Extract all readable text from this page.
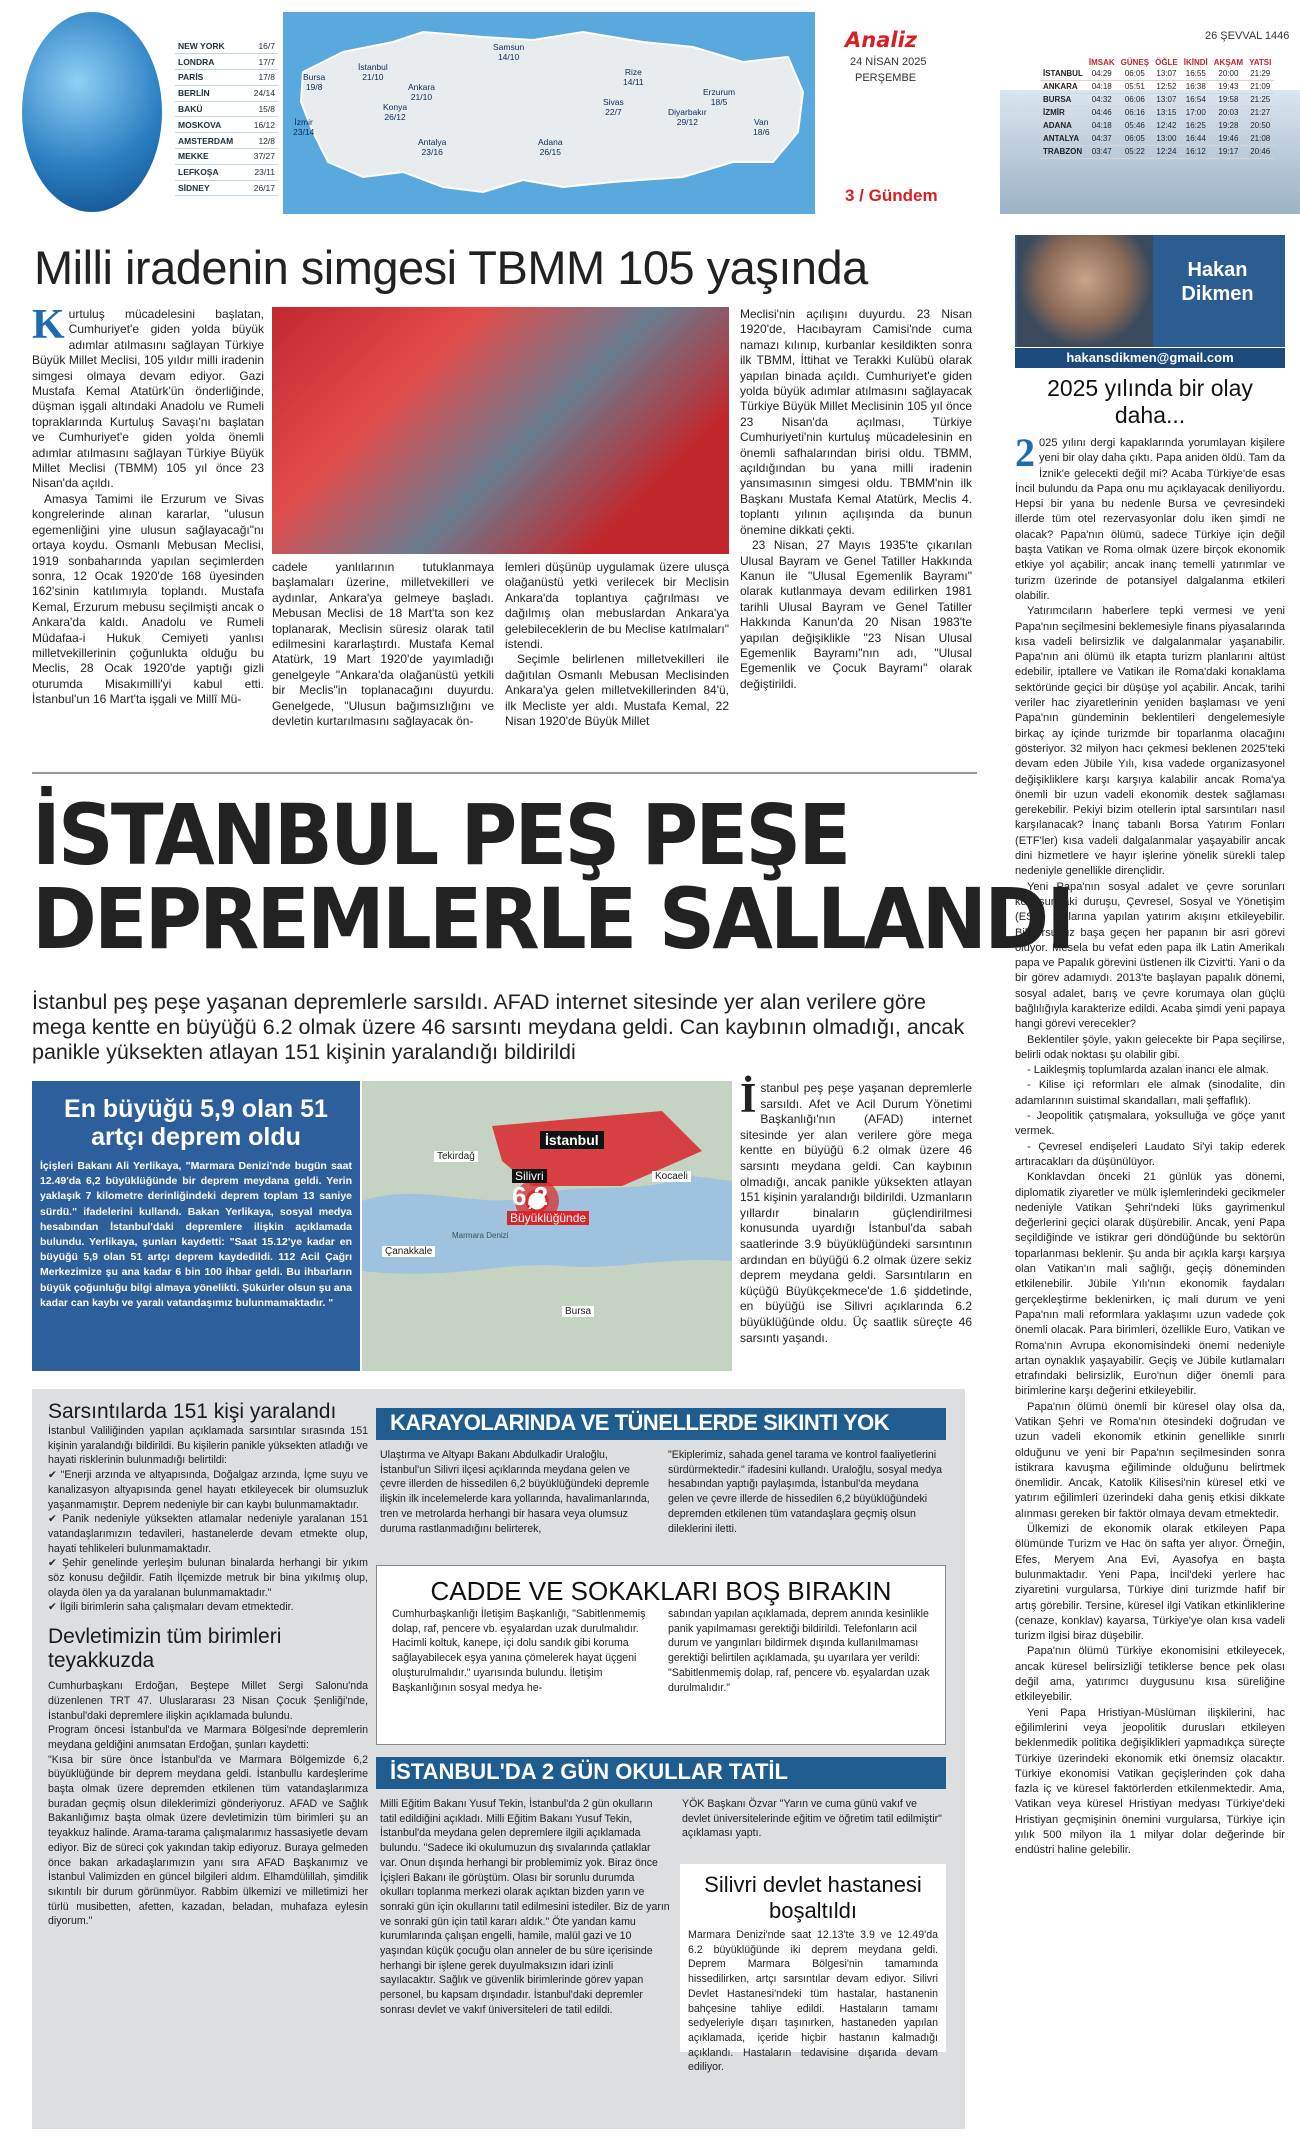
NEW YORK	16/7
LONDRA	17/7
PARİS	17/8
BERLİN	24/14
BAKÜ	15/8
MOSKOVA	16/12
AMSTERDAM	12/8
MEKKE	37/27
LEFKOŞA	23/11
SİDNEY	26/17
Samsun
14/10
İstanbul
21/10
Bursa
19/8	Ankara
21/10
Rize
14/11
Erzurum
18/5
Konya
26/12
Sivas
22/7	Diyarbakır
29/12
İzmir
23/14
Antalya
23/16
Adana
26/15
Van
18/6
Analiz
24 NİSAN 2025
PERŞEMBE
3 / Gündem
26 ŞEVVAL 1446
	İMSAK	GÜNEŞ	ÖĞLE	İKİNDİ	AKŞAM	YATSI
İSTANBUL	04:29	06:05	13:07	16:55	20:00	21:29
ANKARA	04:18	05:51	12:52	16:38	19:43	21:09
BURSA	04:32	06:06	13:07	16:54	19:58	21:25
İZMİR	04:46	06:16	13:15	17:00	20:03	21:27
ADANA	04:18	05:46	12:42	16:25	19:28	20:50
ANTALYA	04:37	06:05	13:00	16:44	19:46	21:08
TRABZON	03:47	05:22	12:24	16:12	19:17	20:46
Milli iradenin simgesi TBMM 105 yaşında

Kurtuluş mücadelesini başlatan, Cumhuriyet'e giden yolda büyük adımlar atılmasını sağlayan Türkiye Büyük Millet Meclisi, 105 yıldır milli iradenin simgesi olmaya devam ediyor. Gazi Mustafa Kemal Atatürk'ün önderliğinde, düşman işgali altındaki Anadolu ve Rumeli topraklarında Kurtuluş Savaşı'nı başlatan ve Cumhuriyet'e giden yolda önemli adımlar atılmasını sağlayan Türkiye Büyük Millet Meclisi (TBMM) 105 yıl önce 23 Nisan'da açıldı.

Amasya Tamimi ile Erzurum ve Sivas kongrelerinde alınan kararlar, "ulusun egemenliğini yine ulusun sağlayacağı"nı ortaya koydu. Osmanlı Mebusan Meclisi, 1919 sonbaharında yapılan seçimlerden sonra, 12 Ocak 1920'de 168 üyesinden 162'sinin katılımıyla toplandı. Mustafa Kemal, Erzurum mebusu seçilmişti ancak o Ankara'da kaldı. Anadolu ve Rumeli Müdafaa-i Hukuk Cemiyeti yanlısı milletvekillerinin çoğunlukta olduğu bu Meclis, 28 Ocak 1920'de yaptığı gizli oturumda Misakımilli'yi kabul etti. İstanbul'un 16 Mart'ta işgali ve Millî Mü-

cadele yanlılarının tutuklanmaya başlamaları üzerine, milletvekilleri ve aydınlar, Ankara'ya gelmeye başladı. Mebusan Meclisi de 18 Mart'ta son kez toplanarak, Meclisin süresiz olarak tatil edilmesini kararlaştırdı. Mustafa Kemal Atatürk, 19 Mart 1920'de yayımladığı genelgeyle "Ankara'da olağanüstü yetkili bir Meclis"in toplanacağını duyurdu. Genelgede, "Ulusun bağımsızlığını ve devletin kurtarılmasını sağlayacak ön-

lemleri düşünüp uygulamak üzere ulusça olağanüstü yetki verilecek bir Meclisin Ankara'da toplantıya çağrılması ve dağılmış olan mebuslardan Ankara'ya gelebileceklerin de bu Meclise katılmaları" istendi.

Seçimle belirlenen milletvekilleri ile dağıtılan Osmanlı Mebusan Meclisinden Ankara'ya gelen milletvekillerinden 84'ü, ilk Mecliste yer aldı. Mustafa Kemal, 22 Nisan 1920'de Büyük Millet

Meclisi'nin açılışını duyurdu. 23 Nisan 1920'de, Hacıbayram Camisi'nde cuma namazı kılınıp, kurbanlar kesildikten sonra ilk TBMM, İttihat ve Terakki Kulübü olarak yapılan binada açıldı. Cumhuriyet'e giden yolda büyük adımlar atılmasını sağlayacak Türkiye Büyük Millet Meclisinin 105 yıl önce 23 Nisan'da açılması, Türkiye Cumhuriyeti'nin kurtuluş mücadelesinin en önemli safhalarından birisi oldu. TBMM, açıldığından bu yana milli iradenin yansımasının simgesi oldu. TBMM'nin ilk Başkanı Mustafa Kemal Atatürk, Meclis 4. toplantı yılının açılışında da bunun önemine dikkati çekti.

23 Nisan, 27 Mayıs 1935'te çıkarılan Ulusal Bayram ve Genel Tatiller Hakkında Kanun ile "Ulusal Egemenlik Bayramı" olarak kutlanmaya devam edilirken 1981 tarihli Ulusal Bayram ve Genel Tatiller Hakkında Kanun'da 20 Nisan 1983'te yapılan değişiklikle "23 Nisan Ulusal Egemenlik Bayramı"nın adı, "Ulusal Egemenlik ve Çocuk Bayramı" olarak değiştirildi.

İSTANBUL PEŞ PEŞE
DEPREMLERLE SALLANDI
İstanbul peş peşe yaşanan depremlerle sarsıldı. AFAD internet sitesinde yer alan verilere göre mega kentte en büyüğü 6.2 olmak üzere 46 sarsıntı meydana geldi. Can kaybının olmadığı, ancak panikle yüksekten atlayan 151 kişinin yaralandığı bildirildi
En büyüğü 5,9 olan 51 artçı deprem oldu

İçişleri Bakanı Ali Yerlikaya, "Marmara Denizi'nde bugün saat 12.49'da 6,2 büyüklüğünde bir deprem meydana geldi. Yerin yaklaşık 7 kilometre derinliğindeki deprem toplam 13 saniye sürdü." ifadelerini kullandı. Bakan Yerlikaya, sosyal medya hesabından İstanbul'daki depremlere ilişkin açıklamada bulundu. Yerlikaya, şunları kaydetti: "Saat 15.12'ye kadar en büyüğü 5,9 olan 51 artçı deprem kaydedildi. 112 Acil Çağrı Merkezimize şu ana kadar 6 bin 100 ihbar geldi. Bu ihbarların büyük çoğunluğu bilgi almaya yönelikti. Şükürler olsun şu ana kadar can kaybı ve yaralı vatandaşımız bulunmamaktadır. "

İstanbul
Tekirdağ
Silivri
6,2
Büyüklüğünde
Kocaeli
Çanakkale
Bursa
Marmara Denizi

İstanbul peş peşe yaşanan depremlerle sarsıldı. Afet ve Acil Durum Yönetimi Başkanlığı'nın (AFAD) internet sitesinde yer alan verilere göre mega kentte en büyüğü 6.2 olmak üzere 46 sarsıntı meydana geldi. Can kaybının olmadığı, ancak panikle yüksekten atlayan 151 kişinin yaralandığı bildirildi. Uzmanların yıllardır binaların güçlendirilmesi konusunda uyardığı İstanbul'da sabah saatlerinde 3.9 büyüklüğündeki sarsıntının ardından en büyüğü 6.2 olmak üzere sekiz deprem meydana geldi. Sarsıntıların en küçüğü Büyükçekmece'de 1.6 şiddetinde, en büyüğü ise Silivri açıklarında 6.2 büyüklüğünde oldu. Üç saatlik süreçte 46 sarsıntı yaşandı.

Sarsıntılarda 151 kişi yaralandı

İstanbul Valiliğinden yapılan açıklamada sarsıntılar sırasında 151 kişinin yaralandığı bildirildi. Bu kişilerin panikle yüksekten atladığı ve hayati risklerinin bulunmadığı belirtildi:

✔ "Enerji arzında ve altyapısında, Doğalgaz arzında, İçme suyu ve kanalizasyon altyapısında genel hayatı etkileyecek bir olumsuzluk yaşanmamıştır. Deprem nedeniyle bir can kaybı bulunmamaktadır.

✔ Panik nedeniyle yüksekten atlamalar nedeniyle yaralanan 151 vatandaşlarımızın tedavileri, hastanelerde devam etmekte olup, hayati tehlikeleri bulunmamaktadır.

✔ Şehir genelinde yerleşim bulunan binalarda herhangi bir yıkım söz konusu değildir. Fatih İlçemizde metruk bir bina yıkılmış olup, olayda ölen ya da yaralanan bulunmamaktadır."

✔ İlgili birimlerin saha çalışmaları devam etmektedir.

Devletimizin tüm birimleri teyakkuzda

Cumhurbaşkanı Erdoğan, Beştepe Millet Sergi Salonu'nda düzenlenen TRT 47. Uluslararası 23 Nisan Çocuk Şenliği'nde, İstanbul'daki depremlere ilişkin açıklamada bulundu.

Program öncesi İstanbul'da ve Marmara Bölgesi'nde depremlerin meydana geldiğini anımsatan Erdoğan, şunları kaydetti:

"Kısa bir süre önce İstanbul'da ve Marmara Bölgemizde 6,2 büyüklüğünde bir deprem meydana geldi. İstanbullu kardeşlerime başta olmak üzere depremden etkilenen tüm vatandaşlarımıza buradan geçmiş olsun dileklerimizi gönderiyoruz. AFAD ve Sağlık Bakanlığımız başta olmak üzere devletimizin tüm birimleri şu an teyakkuz halinde. Arama-tarama çalışmalarımız hassasiyetle devam ediyor. Biz de süreci çok yakından takip ediyoruz. Buraya gelmeden önce bakan arkadaşlarımızın yanı sıra AFAD Başkanımız ve İstanbul Valimizden en güncel bilgileri aldım. Elhamdülillah, şimdilik sıkıntılı bir durum görünmüyor. Rabbim ülkemizi ve milletimizi her türlü musibetten, afetten, kazadan, beladan, muhafaza eylesin diyorum."

KARAYOLARINDA VE TÜNELLERDE SIKINTI YOK
Ulaştırma ve Altyapı Bakanı Abdulkadir Uraloğlu, İstanbul'un Silivri ilçesi açıklarında meydana gelen ve çevre illerden de hissedilen 6,2 büyüklüğündeki depremle ilişkin ilk incelemelerde kara yollarında, havalimanlarında, tren ve metrolarda herhangi bir hasara veya olumsuz duruma rastlanmadığını belirterek,
"Ekiplerimiz, sahada genel tarama ve kontrol faaliyetlerini sürdürmektedir." ifadesini kullandı. Uraloğlu, sosyal medya hesabından yaptığı paylaşımda, İstanbul'da meydana gelen ve çevre illerde de hissedilen 6,2 büyüklüğündeki depremden etkilenen tüm vatandaşlara geçmiş olsun dileklerini iletti.
CADDE VE SOKAKLARI BOŞ BIRAKIN
Cumhurbaşkanlığı İletişim Başkanlığı, "Sabitlenmemiş dolap, raf, pencere vb. eşyalardan uzak durulmalıdır. Hacimli koltuk, kanepe, içi dolu sandık gibi koruma sağlayabilecek eşya yanına çömelerek hayat üçgeni oluşturulmalıdır." uyarısında bulundu. İletişim Başkanlığının sosyal medya he-
sabından yapılan açıklamada, deprem anında kesinlikle panik yapılmaması gerektiği bildirildi. Telefonların acil durum ve yangınları bildirmek dışında kullanılmaması gerektiği belirtilen açıklamada, şu uyarılara yer verildi: "Sabitlenmemiş dolap, raf, pencere vb. eşyalardan uzak durulmalıdır."
İSTANBUL'DA 2 GÜN OKULLAR TATİL
Milli Eğitim Bakanı Yusuf Tekin, İstanbul'da 2 gün okulların tatil edildiğini açıkladı. Milli Eğitim Bakanı Yusuf Tekin, İstanbul'da meydana gelen depremlere ilgili açıklamada bulundu. "Sadece iki okulumuzun dış sıvalarında çatlaklar var. Onun dışında herhangi bir problemimiz yok. Biraz önce İçişleri Bakanı ile görüştüm. Olası bir sorunlu durumda okulları toplanma merkezi olarak açıktan bizden yarın ve sonraki gün için okullarını tatil edilmesini istediler. Biz de yarın ve sonraki gün için tatil kararı aldık." Öte yandan kamu kurumlarında çalışan engelli, hamile, malül gazi ve 10 yaşından küçük çocuğu olan anneler de bu süre içerisinde herhangi bir işlene gerek duyulmaksızın idari izinli sayılacaktır. Sağlık ve güvenlik birimlerinde görev yapan personel, bu kapsam dışındadır. İstanbul'daki depremler sonrası devlet ve vakıf üniversiteleri de tatil edildi.
YÖK Başkanı Özvar "Yarın ve cuma günü vakıf ve devlet üniversitelerinde eğitim ve öğretim tatil edilmiştir" açıklaması yaptı.
Silivri devlet hastanesi boşaltıldı

Marmara Denizi'nde saat 12.13'te 3.9 ve 12.49'da 6.2 büyüklüğünde iki deprem meydana geldi. Deprem Marmara Bölgesi'nin tamamında hissedilirken, artçı sarsıntılar devam ediyor. Silivri Devlet Hastanesi'ndeki tüm hastalar, hastanenin bahçesine tahliye edildi. Hastaların tamamı sedyeleriyle dışarı taşınırken, hastaneden yapılan açıklamada, içeride hiçbir hastanın kalmadığı açıklandı. Hastaların tedavisine dışarıda devam ediliyor.

Hakan Dikmen
hakansdikmen@gmail.com
2025 yılında bir olay daha...

2 025 yılını dergi kapaklarında yorumlayan kişilere yeni bir olay daha çıktı. Papa aniden öldü. Tam da İznik'e gelecekti değil mi? Acaba Türkiye'de esas İncil bulundu da Papa onu mu açıklayacak deniliyordu. Hepsi bir yana bu nedenle Bursa ve çevresindeki illerde tüm otel rezervasyonlar dolu iken şimdi ne olacak? Papa'nın ölümü, sadece Türkiye için değil başta Vatikan ve Roma olmak üzere birçok ekonomik etkiye yol açabilir; ancak inanç temelli yatırımlar ve turizm üzerinde de potansiyel dalgalanma etkileri olabilir.

Yatırımcıların haberlere tepki vermesi ve yeni Papa'nın seçilmesini beklemesiyle finans piyasalarında kısa vadeli belirsizlik ve dalgalanmalar yaşanabilir. Papa'nın ani ölümü ilk etapta turizm planlarını altüst edebilir, iptallere ve Vatikan ile Roma'daki konaklama sektöründe geçici bir düşüşe yol açabilir. Ancak, tarihi veriler hac ziyaretlerinin yeniden başlaması ve yeni Papa'nın gündeminin beklentileri dengelemesiyle birkaç ay içinde turizmde bir toparlanma olacağını gösteriyor. 32 milyon hacı çekmesi beklenen 2025'teki devam eden Jübile Yılı, kısa vadede organizasyonel değişikliklere karşı karşıya kalabilir ancak Roma'ya önemli bir uzun vadeli ekonomik destek sağlaması gerekebilir. Pekiyi bizim otellerin iptal sarsıntıları nasıl karşılanacak? İnanç tabanlı Borsa Yatırım Fonları (ETF'ler) kısa vadeli dalgalanmalar yaşayabilir ancak dini hizmetlere ve hayır işlerine yönelik sürekli talep nedeniyle genellikle dirençlidir.

Yeni Papa'nın sosyal adalet ve çevre sorunları konusundaki duruşu, Çevresel, Sosyal ve Yönetişim (ESG) fonlarına yapılan yatırım akışını etkileyebilir. Biliyorsunuz başa geçen her papanın bir asri görevi oluyor. Mesela bu vefat eden papa ilk Latin Amerikalı papa ve Papalık görevini üstlenen ilk Cizvit'ti. Yani o da bir görev adamıydı. 2013'te başlayan papalık dönemi, sosyal adalet, barış ve çevre korumaya olan güçlü bağlılığıyla karakterize edildi. Acaba şimdi yeni papaya hangi görevi verecekler?

Beklentiler şöyle, yakın gelecekte bir Papa seçilirse, belirli odak noktası şu olabilir gibi.

- Laikleşmiş toplumlarda azalan inancı ele almak.

- Kilise içi reformları ele almak (sinodalite, din adamlarının suistimal skandalları, mali şeffaflık).

- Jeopolitik çatışmalara, yoksulluğa ve göçe yanıt vermek.

- Çevresel endişeleri Laudato Si'yi takip ederek artıracakları da düşünülüyor.

Konklavdan önceki 21 günlük yas dönemi, diplomatik ziyaretler ve mülk işlemlerindeki gecikmeler nedeniyle Vatikan Şehri'ndeki lüks gayrimenkul değerlerini geçici olarak düşürebilir. Ancak, yeni Papa seçildiğinde ve istikrar geri döndüğünde bu sektörün toparlanması beklenir. Şu anda bir açıkla karşı karşıya olan Vatikan'ın mali sağlığı, geçiş döneminden etkilenebilir. Jübile Yılı'nın ekonomik faydaları gerçekleştirme beklenirken, iç mali durum ve yeni Papa'nın mali reformlara yaklaşımı uzun vadede çok önemli olacak. Para birimleri, özellikle Euro, Vatikan ve Roma'nın Avrupa ekonomisindeki önemi nedeniyle artan oynaklık yaşayabilir. Geçiş ve Jübile kutlamaları etrafındaki belirsizlik, Euro'nun diğer önemli para birimlerine karşı değerini etkileyebilir.

Papa'nın ölümü önemli bir küresel olay olsa da, Vatikan Şehri ve Roma'nın ötesindeki doğrudan ve uzun vadeli ekonomik etkinin genellikle sınırlı olduğunu ve yeni bir Papa'nın seçilmesinden sonra istikrara kavuşma eğiliminde olduğunu belirtmek önemlidir. Ancak, Katolik Kilisesi'nin küresel etki ve yatırım eğilimleri üzerindeki daha geniş etkisi dikkate alınması gereken bir faktör olmaya devam etmektedir.

Ülkemizi de ekonomik olarak etkileyen Papa ölümünde Turizm ve Hac ön safta yer alıyor. Örneğin, Efes, Meryem Ana Evi, Ayasofya en başta bulunmaktadır. Yeni Papa, İncil'deki yerlere hac ziyaretini vurgularsa, Türkiye dini turizmde hafif bir artış görebilir. Tersine, küresel ilgi Vatikan etkinliklerine (cenaze, konklav) kayarsa, Türkiye'ye olan kısa vadeli turizm ilgisi biraz düşebilir.

Papa'nın ölümü Türkiye ekonomisini etkileyecek, ancak küresel belirsizliği tetiklerse bence pek olası değil ama, yatırımcı duygusunu kısa süreliğine etkileyebilir.

Yeni Papa Hristiyan-Müslüman ilişkilerini, hac eğilimlerini veya jeopolitik durusları etkileyen beklenmedik politika değişiklikleri yapmadıkça süreçte Türkiye üzerindeki ekonomik etki önemsiz olacaktır. Türkiye ekonomisi Vatikan geçişlerinden çok daha fazla iç ve küresel faktörlerden etkilenmektedir. Ama, Vatikan veya küresel Hristiyan medyası Türkiye'deki Hristiyan geçmişinin önemini vurgularsa, Türkiye için yılık 500 milyon ila 1 milyar dolar değerinde bir endüstri haline gelebilir.
